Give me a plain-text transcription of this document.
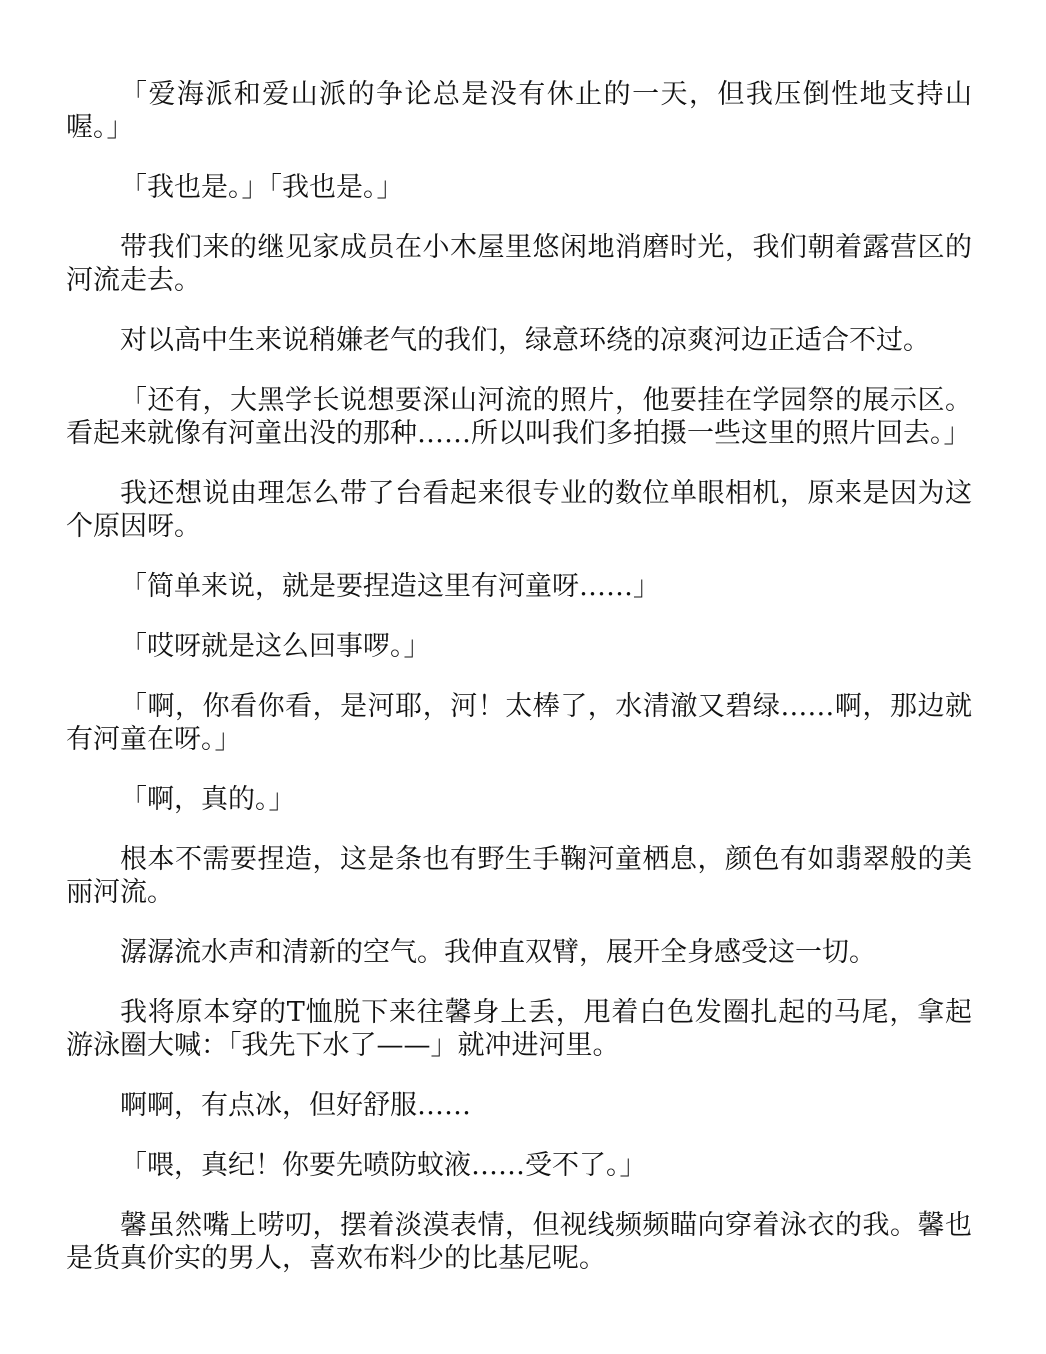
「爱海派和爱山派的争论总是没有休止的一天，但我压倒性地支持山喔。」

「我也是。」「我也是。」

带我们来的继见家成员在小木屋里悠闲地消磨时光，我们朝着露营区的河流走去。

对以高中生来说稍嫌老气的我们，绿意环绕的凉爽河边正适合不过。

「还有，大黑学长说想要深山河流的照片，他要挂在学园祭的展示区。看起来就像有河童出没的那种……所以叫我们多拍摄一些这里的照片回去。」

我还想说由理怎么带了台看起来很专业的数位单眼相机，原来是因为这个原因呀。

「简单来说，就是要捏造这里有河童呀……」

「哎呀就是这么回事啰。」

「啊，你看你看，是河耶，河！太棒了，水清澈又碧绿……啊，那边就有河童在呀。」

「啊，真的。」

根本不需要捏造，这是条也有野生手鞠河童栖息，颜色有如翡翠般的美丽河流。

潺潺流水声和清新的空气。我伸直双臂，展开全身感受这一切。

我将原本穿的T恤脱下来往馨身上丢，甩着白色发圈扎起的马尾，拿起游泳圈大喊：「我先下水了——」就冲进河里。

啊啊，有点冰，但好舒服……

「喂，真纪！你要先喷防蚊液……受不了。」

馨虽然嘴上唠叨，摆着淡漠表情，但视线频频瞄向穿着泳衣的我。馨也是货真价实的男人，喜欢布料少的比基尼呢。
